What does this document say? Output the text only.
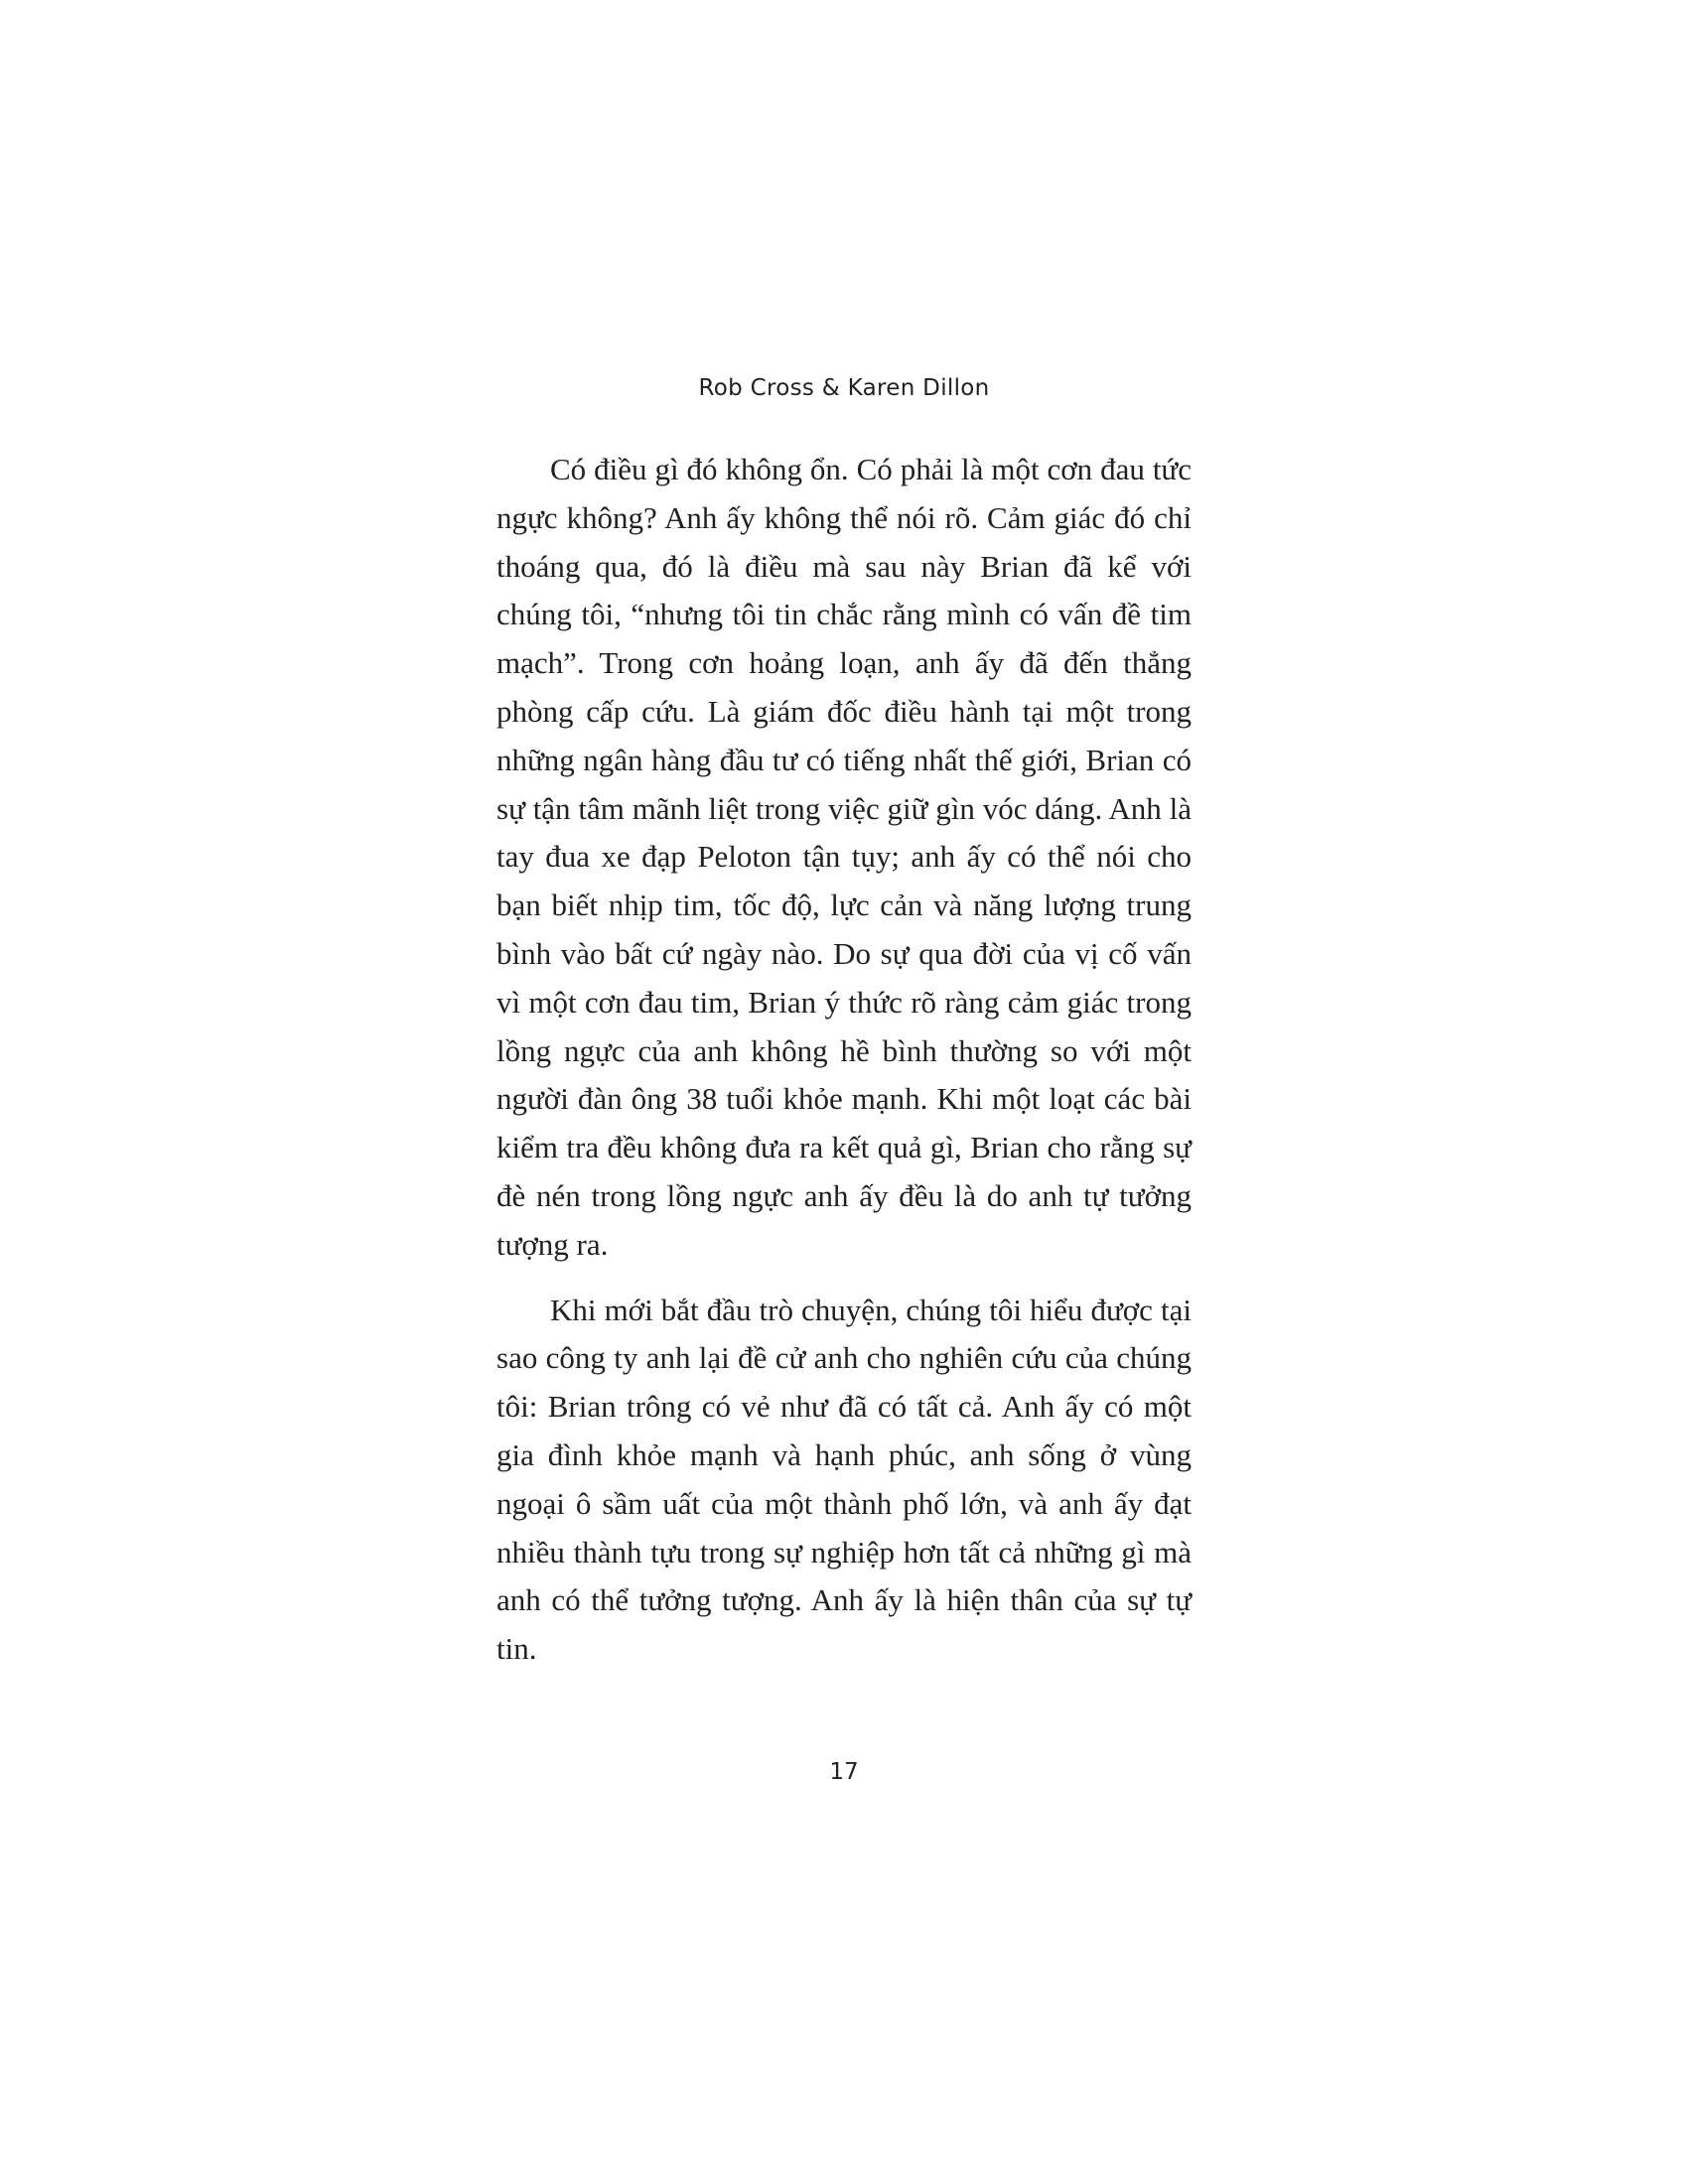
Rob Cross & Karen Dillon

Có điều gì đó không ổn. Có phải là một cơn đau tức ngực không? Anh ấy không thể nói rõ. Cảm giác đó chỉ thoáng qua, đó là điều mà sau này Brian đã kể với chúng tôi, “nhưng tôi tin chắc rằng mình có vấn đề tim mạch”. Trong cơn hoảng loạn, anh ấy đã đến thẳng phòng cấp cứu. Là giám đốc điều hành tại một trong những ngân hàng đầu tư có tiếng nhất thế giới, Brian có sự tận tâm mãnh liệt trong việc giữ gìn vóc dáng. Anh là tay đua xe đạp Peloton tận tụy; anh ấy có thể nói cho bạn biết nhịp tim, tốc độ, lực cản và năng lượng trung bình vào bất cứ ngày nào. Do sự qua đời của vị cố vấn vì một cơn đau tim, Brian ý thức rõ ràng cảm giác trong lồng ngực của anh không hề bình thường so với một người đàn ông 38 tuổi khỏe mạnh. Khi một loạt các bài kiểm tra đều không đưa ra kết quả gì, Brian cho rằng sự đè nén trong lồng ngực anh ấy đều là do anh tự tưởng tượng ra.

Khi mới bắt đầu trò chuyện, chúng tôi hiểu được tại sao công ty anh lại đề cử anh cho nghiên cứu của chúng tôi: Brian trông có vẻ như đã có tất cả. Anh ấy có một gia đình khỏe mạnh và hạnh phúc, anh sống ở vùng ngoại ô sầm uất của một thành phố lớn, và anh ấy đạt nhiều thành tựu trong sự nghiệp hơn tất cả những gì mà anh có thể tưởng tượng. Anh ấy là hiện thân của sự tự tin.

17
